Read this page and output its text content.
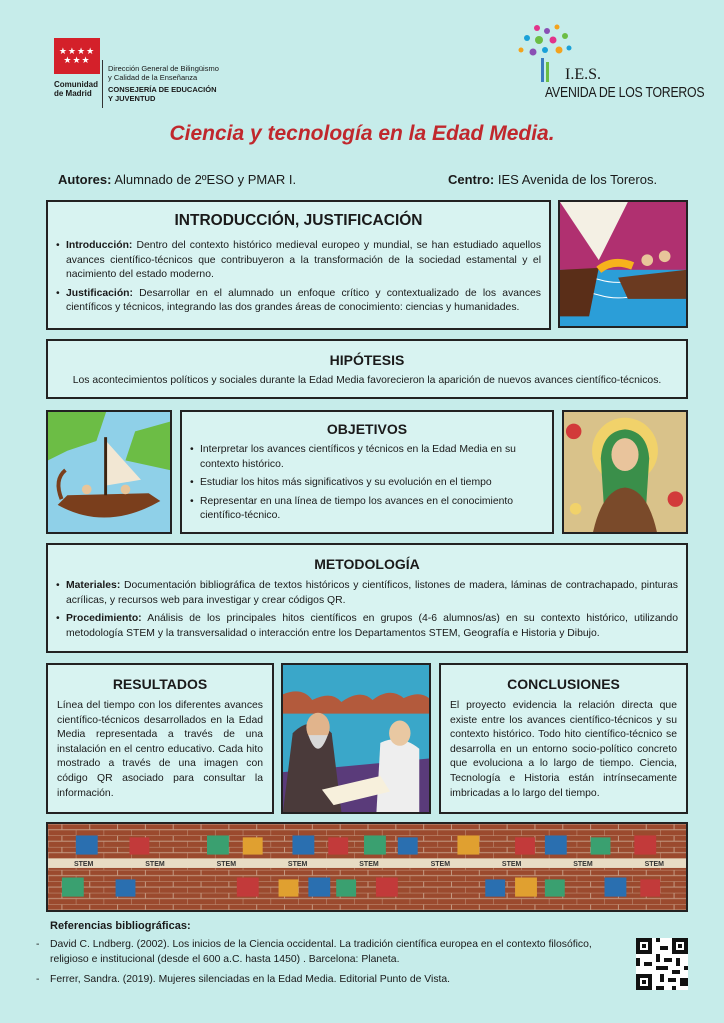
★★★★
★★★
Comunidad
de Madrid
Dirección General de Bilingüismo
y Calidad de la Enseñanza
CONSEJERÍA DE EDUCACIÓN
Y JUVENTUD
I.E.S.
AVENIDA DE LOS TOREROS
Ciencia y tecnología en la Edad Media.
Autores: Alumnado de 2ºESO y PMAR I.	Centro: IES Avenida de los Toreros.
INTRODUCCIÓN, JUSTIFICACIÓN
• Introducción: Dentro del contexto histórico medieval europeo y mundial, se han estudiado aquellos avances científico-técnicos que contribuyeron a la transformación de la sociedad estamental y el nacimiento del estado moderno.
• Justificación: Desarrollar en el alumnado un enfoque crítico y contextualizado de los avances científicos y técnicos, integrando las dos grandes áreas de conocimiento: ciencias y humanidades.
HIPÓTESIS
Los acontecimientos políticos y sociales durante la Edad Media favorecieron la aparición de nuevos avances científico-técnicos.
OBJETIVOS
• Interpretar los avances científicos y técnicos en la Edad Media en su contexto histórico.
• Estudiar los hitos más significativos y su evolución en el tiempo
• Representar en una línea de tiempo los avances en el conocimiento científico-técnico.
METODOLOGÍA
• Materiales: Documentación bibliográfica de textos históricos y científicos, listones de madera, láminas de contrachapado, pinturas acrílicas, y recursos web para investigar y crear códigos QR.
• Procedimiento: Análisis de los principales hitos científicos en grupos (4-6 alumnos/as) en su contexto histórico, utilizando metodología STEM y la transversalidad o interacción entre los Departamentos STEM, Geografía e Historia y Dibujo.
RESULTADOS
Línea del tiempo con los diferentes avances científico-técnicos desarrollados en la Edad Media representada a través de una instalación en el centro educativo. Cada hito mostrado a través de una imagen con código QR asociado para consultar la información.
CONCLUSIONES
El proyecto evidencia la relación directa que existe entre los avances científico-técnicos y su contexto histórico. Todo hito científico-técnico se desarrolla en un entorno socio-político concreto que evoluciona a lo largo de tiempo. Ciencia, Tecnología e Historia están intrínsecamente imbricadas a lo largo del tiempo.
STEM	STEM	STEM	STEM	STEM	STEM	STEM	STEM	STEM
Referencias bibliográficas:
- David C. Lndberg. (2002). Los inicios de la Ciencia occidental. La tradición científica europea en el contexto filosófico, religioso e institucional (desde el 600 a.C. hasta 1450) . Barcelona: Planeta.
- Ferrer, Sandra. (2019). Mujeres silenciadas en la Edad Media. Editorial Punto de Vista.
